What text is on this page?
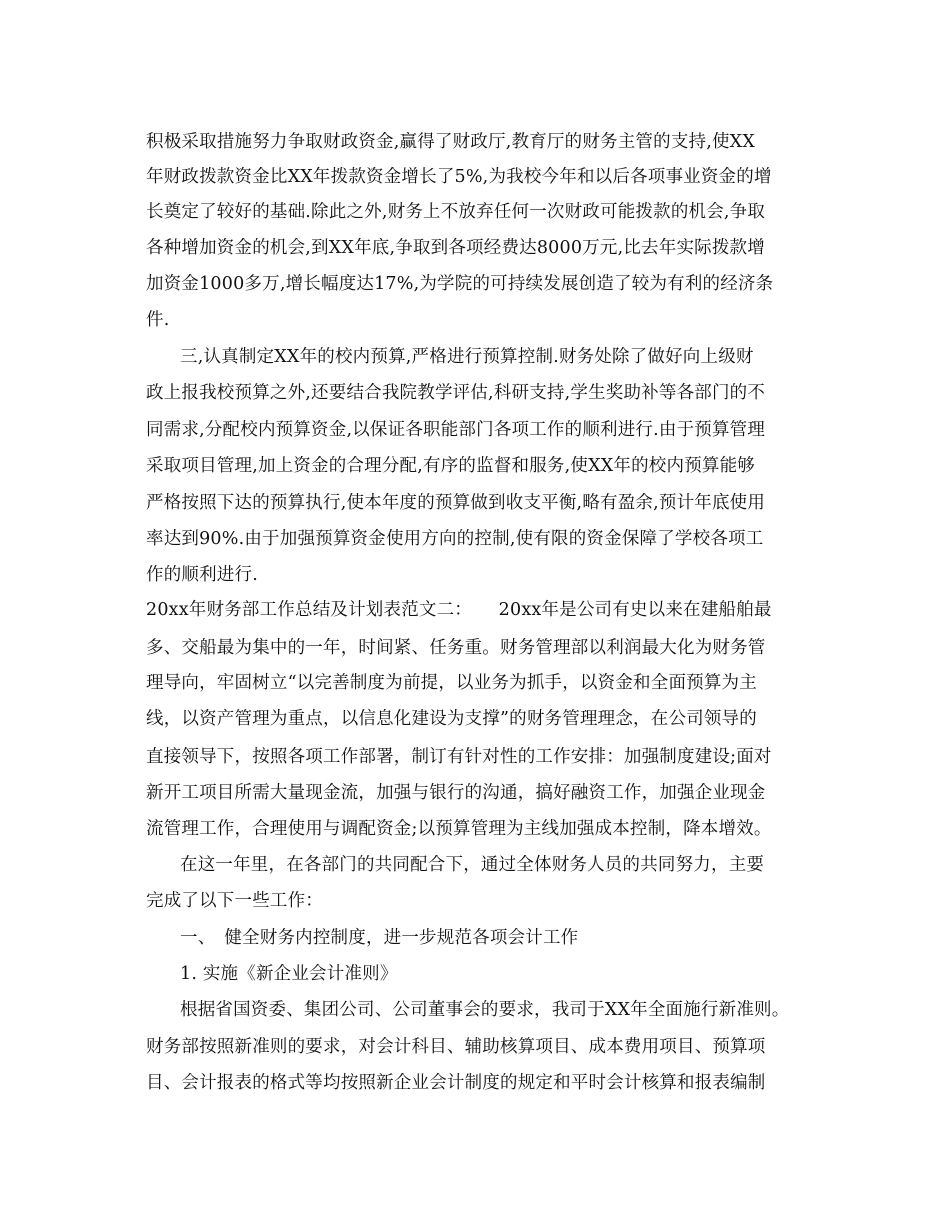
积极采取措施努力争取财政资金,赢得了财政厅,教育厅的财务主管的支持,使XX
年财政拨款资金比XX年拨款资金增长了5%,为我校今年和以后各项事业资金的增
长奠定了较好的基础.除此之外,财务上不放弃任何一次财政可能拨款的机会,争取
各种增加资金的机会,到XX年底,争取到各项经费达8000万元,比去年实际拨款增
加资金1000多万,增长幅度达17%,为学院的可持续发展创造了较为有利的经济条
件.
三,认真制定XX年的校内预算,严格进行预算控制.财务处除了做好向上级财
政上报我校预算之外,还要结合我院教学评估,科研支持,学生奖助补等各部门的不
同需求,分配校内预算资金,以保证各职能部门各项工作的顺利进行.由于预算管理
采取项目管理,加上资金的合理分配,有序的监督和服务,使XX年的校内预算能够
严格按照下达的预算执行,使本年度的预算做到收支平衡,略有盈余,预计年底使用
率达到90%.由于加强预算资金使用方向的控制,使有限的资金保障了学校各项工
作的顺利进行.
20xx年财务部工作总结及计划表范文二：　　20xx年是公司有史以来在建船舶最
多、交船最为集中的一年，时间紧、任务重。财务管理部以利润最大化为财务管
理导向，牢固树立“以完善制度为前提，以业务为抓手，以资金和全面预算为主
线，以资产管理为重点，以信息化建设为支撑”的财务管理理念，在公司领导的
直接领导下，按照各项工作部署，制订有针对性的工作安排：加强制度建设;面对
新开工项目所需大量现金流，加强与银行的沟通，搞好融资工作，加强企业现金
流管理工作，合理使用与调配资金;以预算管理为主线加强成本控制，降本增效。
在这一年里，在各部门的共同配合下，通过全体财务人员的共同努力，主要
完成了以下一些工作：
一、　健全财务内控制度，进一步规范各项会计工作
1. 实施《新企业会计准则》
根据省国资委、集团公司、公司董事会的要求，我司于XX年全面施行新准则。
财务部按照新准则的要求，对会计科目、辅助核算项目、成本费用项目、预算项
目、会计报表的格式等均按照新企业会计制度的规定和平时会计核算和报表编制
